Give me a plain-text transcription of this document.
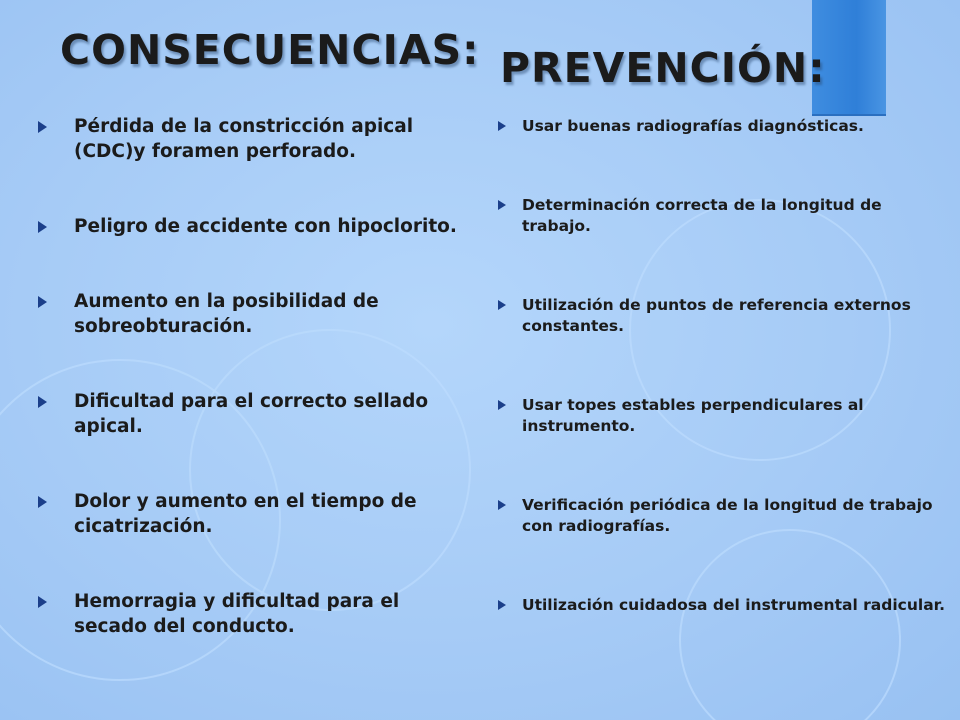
CONSECUENCIAS: PREVENCIÓN:
Pérdida de la constricción apical (CDC)y foramen perforado.
Peligro de accidente con hipoclorito.
Aumento en la posibilidad de sobreobturación.
Dificultad para el correcto sellado apical.
Dolor y aumento en el tiempo de cicatrización.
Hemorragia y dificultad para el secado del conducto.
Usar buenas radiografías diagnósticas.
Determinación correcta de la longitud de trabajo.
Utilización de puntos de referencia externos constantes.
Usar topes estables perpendiculares al instrumento.
Verificación periódica de la longitud de trabajo con radiografías.
Utilización cuidadosa del instrumental radicular.
